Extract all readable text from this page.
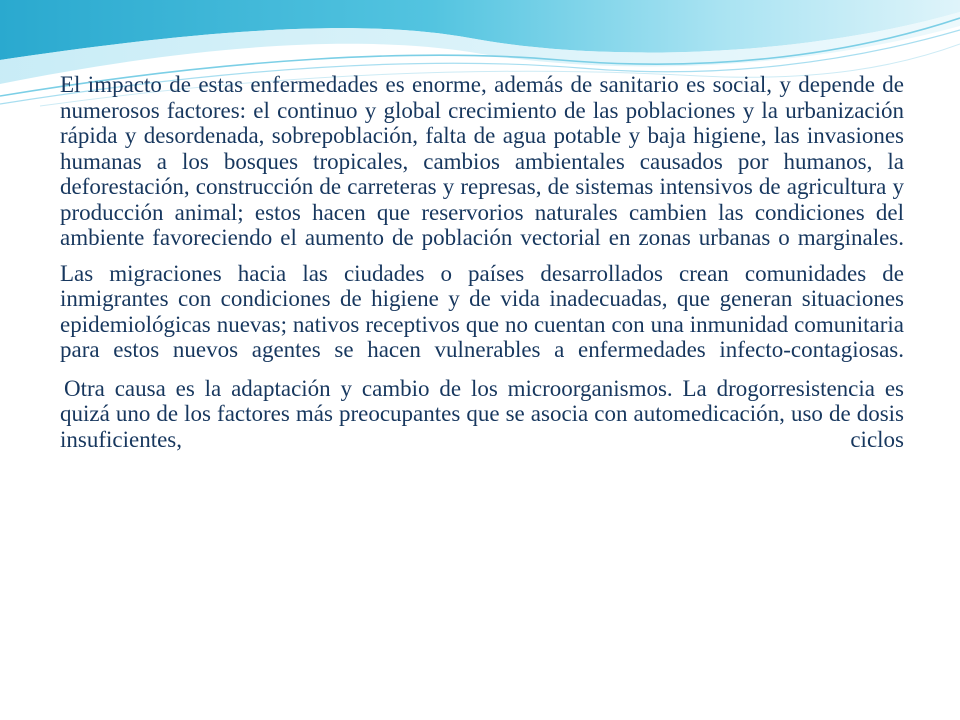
El impacto de estas enfermedades es enorme, además de sanitario es social, y depende de numerosos factores: el continuo y global crecimiento de las poblaciones y la urbanización rápida y desordenada, sobrepoblación, falta de agua potable y baja higiene, las invasiones humanas a los bosques tropicales, cambios ambientales causados por humanos, la deforestación, construcción de carreteras y represas, de sistemas intensivos de agricultura y producción animal; estos hacen que reservorios naturales cambien las condiciones del ambiente favoreciendo el aumento de población vectorial en zonas urbanas o marginales.

Las migraciones hacia las ciudades o países desarrollados crean comunidades de inmigrantes con condiciones de higiene y de vida inadecuadas, que generan situaciones epidemiológicas nuevas; nativos receptivos que no cuentan con una inmunidad comunitaria para estos nuevos agentes se hacen vulnerables a enfermedades infecto-contagiosas.

Otra causa es la adaptación y cambio de los microorganismos. La drogorresistencia es quizá uno de los factores más preocupantes que se asocia con automedicación, uso de dosis insuficientes, ciclos
